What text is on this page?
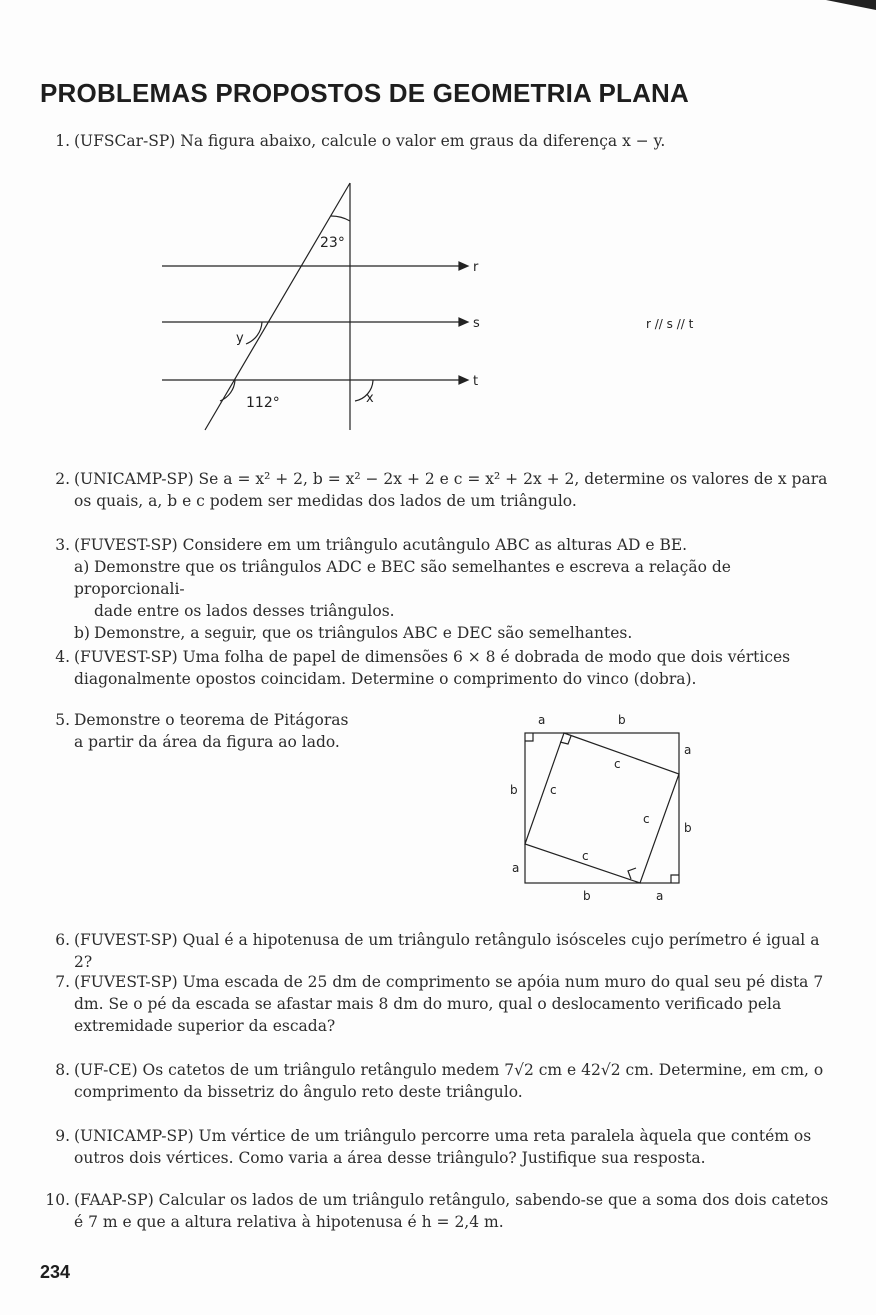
PROBLEMAS PROPOSTOS DE GEOMETRIA PLANA
1. (UFSCar-SP) Na figura abaixo, calcule o valor em graus da diferença x − y.
23°
y
112°	x
r
s
t
r // s // t
2. (UNICAMP-SP) Se a = x² + 2, b = x² − 2x + 2 e c = x² + 2x + 2, determine os valores de x para os quais, a, b e c podem ser medidas dos lados de um triângulo.
3. (FUVEST-SP) Considere em um triângulo acutângulo ABC as alturas AD e BE.
a) Demonstre que os triângulos ADC e BEC são semelhantes e escreva a relação de proporcionali-
dade entre os lados desses triângulos.
b) Demonstre, a seguir, que os triângulos ABC e DEC são semelhantes.
4. (FUVEST-SP) Uma folha de papel de dimensões 6 × 8 é dobrada de modo que dois vértices diagonalmente opostos coincidam. Determine o comprimento do vinco (dobra).
5. Demonstre o teorema de Pitágoras a partir da área da figura ao lado.
a	b
a
b
b
a
b	a
c
c
c
c
6. (FUVEST-SP) Qual é a hipotenusa de um triângulo retângulo isósceles cujo perímetro é igual a 2?
7. (FUVEST-SP) Uma escada de 25 dm de comprimento se apóia num muro do qual seu pé dista 7 dm. Se o pé da escada se afastar mais 8 dm do muro, qual o deslocamento verificado pela extremidade superior da escada?
8. (UF-CE) Os catetos de um triângulo retângulo medem 7√2 cm e 42√2 cm. Determine, em cm, o comprimento da bissetriz do ângulo reto deste triângulo.
9. (UNICAMP-SP) Um vértice de um triângulo percorre uma reta paralela àquela que contém os outros dois vértices. Como varia a área desse triângulo? Justifique sua resposta.
10. (FAAP-SP) Calcular os lados de um triângulo retângulo, sabendo-se que a soma dos dois catetos é 7 m e que a altura relativa à hipotenusa é h = 2,4 m.
234
